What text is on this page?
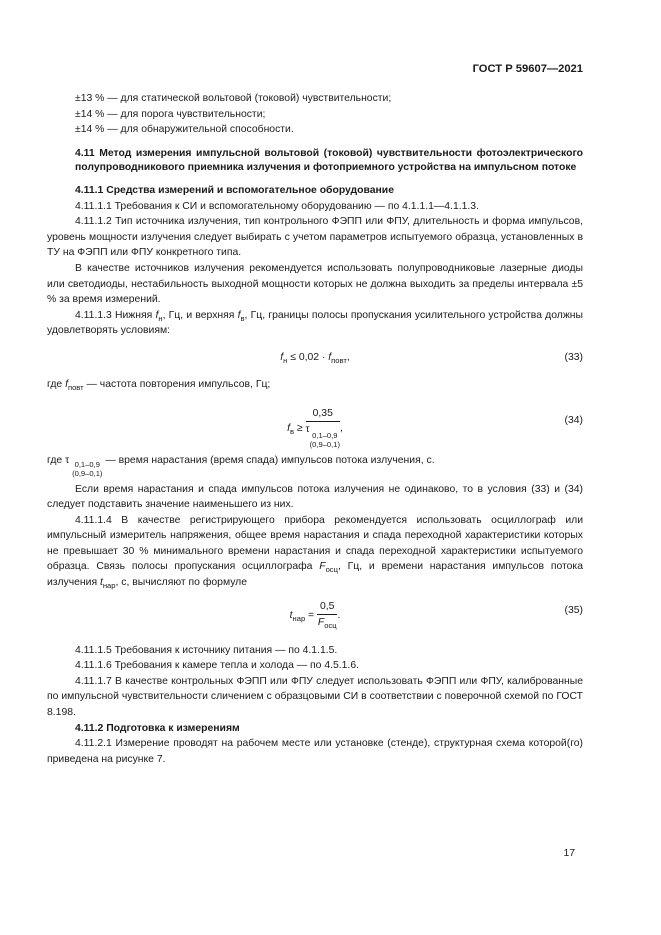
ГОСТ Р 59607—2021

±13 % — для статической вольтовой (токовой) чувствительности;

±14 % — для порога чувствительности;

±14 % — для обнаружительной способности.

4.11 Метод измерения импульсной вольтовой (токовой) чувствительности фотоэлектрического полупроводникового приемника излучения и фотоприемного устройства на импульсном потоке

4.11.1 Средства измерений и вспомогательное оборудование

4.11.1.1 Требования к СИ и вспомогательному оборудованию — по 4.1.1.1—4.1.1.3.

4.11.1.2 Тип источника излучения, тип контрольного ФЭПП или ФПУ, длительность и форма импульсов, уровень мощности излучения следует выбирать с учетом параметров испытуемого образца, установленных в ТУ на ФЭПП или ФПУ конкретного типа.

В качестве источников излучения рекомендуется использовать полупроводниковые лазерные диоды или светодиоды, нестабильность выходной мощности которых не должна выходить за пределы интервала ±5 % за время измерений.

4.11.1.3 Нижняя $f_н$, Гц, и верхняя $f_в$, Гц, границы полосы пропускания усилительного устройства должны удовлетворять условиям:

$f_н \le 0,02 \cdot f_{повт}$,	(33)

где $f_{повт}$ — частота повторения импульсов, Гц;

$f_в \ge 0,35$
τ
0,1–0,9
(0,9–0,1) ,
(34)

где τ 0,1–0,9
(0,9–0,1)
— время нарастания (время спада) импульсов потока излучения, с.

Если время нарастания и спада импульсов потока излучения не одинаково, то в условия (33) и (34) следует подставить значение наименьшего из них.

4.11.1.4 В качестве регистрирующего прибора рекомендуется использовать осциллограф или импульсный измеритель напряжения, общее время нарастания и спада переходной характеристики которых не превышает 30 % минимального времени нарастания и спада переходной характеристики испытуемого образца. Связь полосы пропускания осциллографа $F_{осц}$, Гц, и времени нарастания импульсов потока излучения $t_{нар}$, с, вычисляют по формуле

$t_{нар} = \frac{0,5}{F_{осц}}$ .	(35)

4.11.1.5 Требования к источнику питания — по 4.1.1.5.

4.11.1.6 Требования к камере тепла и холода — по 4.5.1.6.

4.11.1.7 В качестве контрольных ФЭПП или ФПУ следует использовать ФЭПП или ФПУ, калиброванные по импульсной чувствительности сличением с образцовыми СИ в соответствии с поверочной схемой по ГОСТ 8.198.

4.11.2 Подготовка к измерениям

4.11.2.1 Измерение проводят на рабочем месте или установке (стенде), структурная схема которой(го) приведена на рисунке 7.

17
